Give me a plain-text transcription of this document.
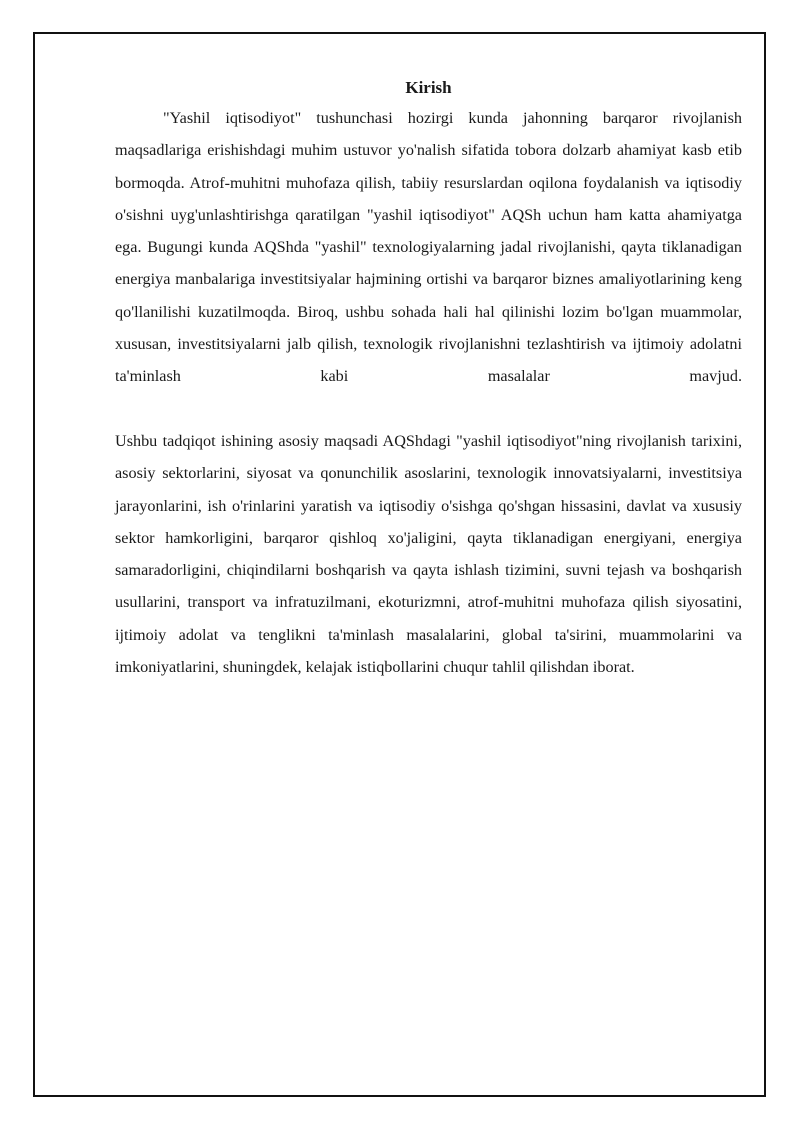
Kirish

"Yashil iqtisodiyot" tushunchasi hozirgi kunda jahonning barqaror rivojlanish maqsadlariga erishishdagi muhim ustuvor yo'nalish sifatida tobora dolzarb ahamiyat kasb etib bormoqda. Atrof-muhitni muhofaza qilish, tabiiy resurslardan oqilona foydalanish va iqtisodiy o'sishni uyg'unlashtirishga qaratilgan "yashil iqtisodiyot" AQSh uchun ham katta ahamiyatga ega. Bugungi kunda AQShda "yashil" texnologiyalarning jadal rivojlanishi, qayta tiklanadigan energiya manbalariga investitsiyalar hajmining ortishi va barqaror biznes amaliyotlarining keng qo'llanilishi kuzatilmoqda. Biroq, ushbu sohada hali hal qilinishi lozim bo'lgan muammolar, xususan, investitsiyalarni jalb qilish, texnologik rivojlanishni tezlashtirish va ijtimoiy adolatni ta'minlash kabi masalalar mavjud.

Ushbu tadqiqot ishining asosiy maqsadi AQShdagi "yashil iqtisodiyot"ning rivojlanish tarixini, asosiy sektorlarini, siyosat va qonunchilik asoslarini, texnologik innovatsiyalarni, investitsiya jarayonlarini, ish o'rinlarini yaratish va iqtisodiy o'sishga qo'shgan hissasini, davlat va xususiy sektor hamkorligini, barqaror qishloq xo'jaligini, qayta tiklanadigan energiyani, energiya samaradorligini, chiqindilarni boshqarish va qayta ishlash tizimini, suvni tejash va boshqarish usullarini, transport va infratuzilmani, ekoturizmni, atrof-muhitni muhofaza qilish siyosatini, ijtimoiy adolat va tenglikni ta'minlash masalalarini, global ta'sirini, muammolarini va imkoniyatlarini, shuningdek, kelajak istiqbollarini chuqur tahlil qilishdan iborat.
